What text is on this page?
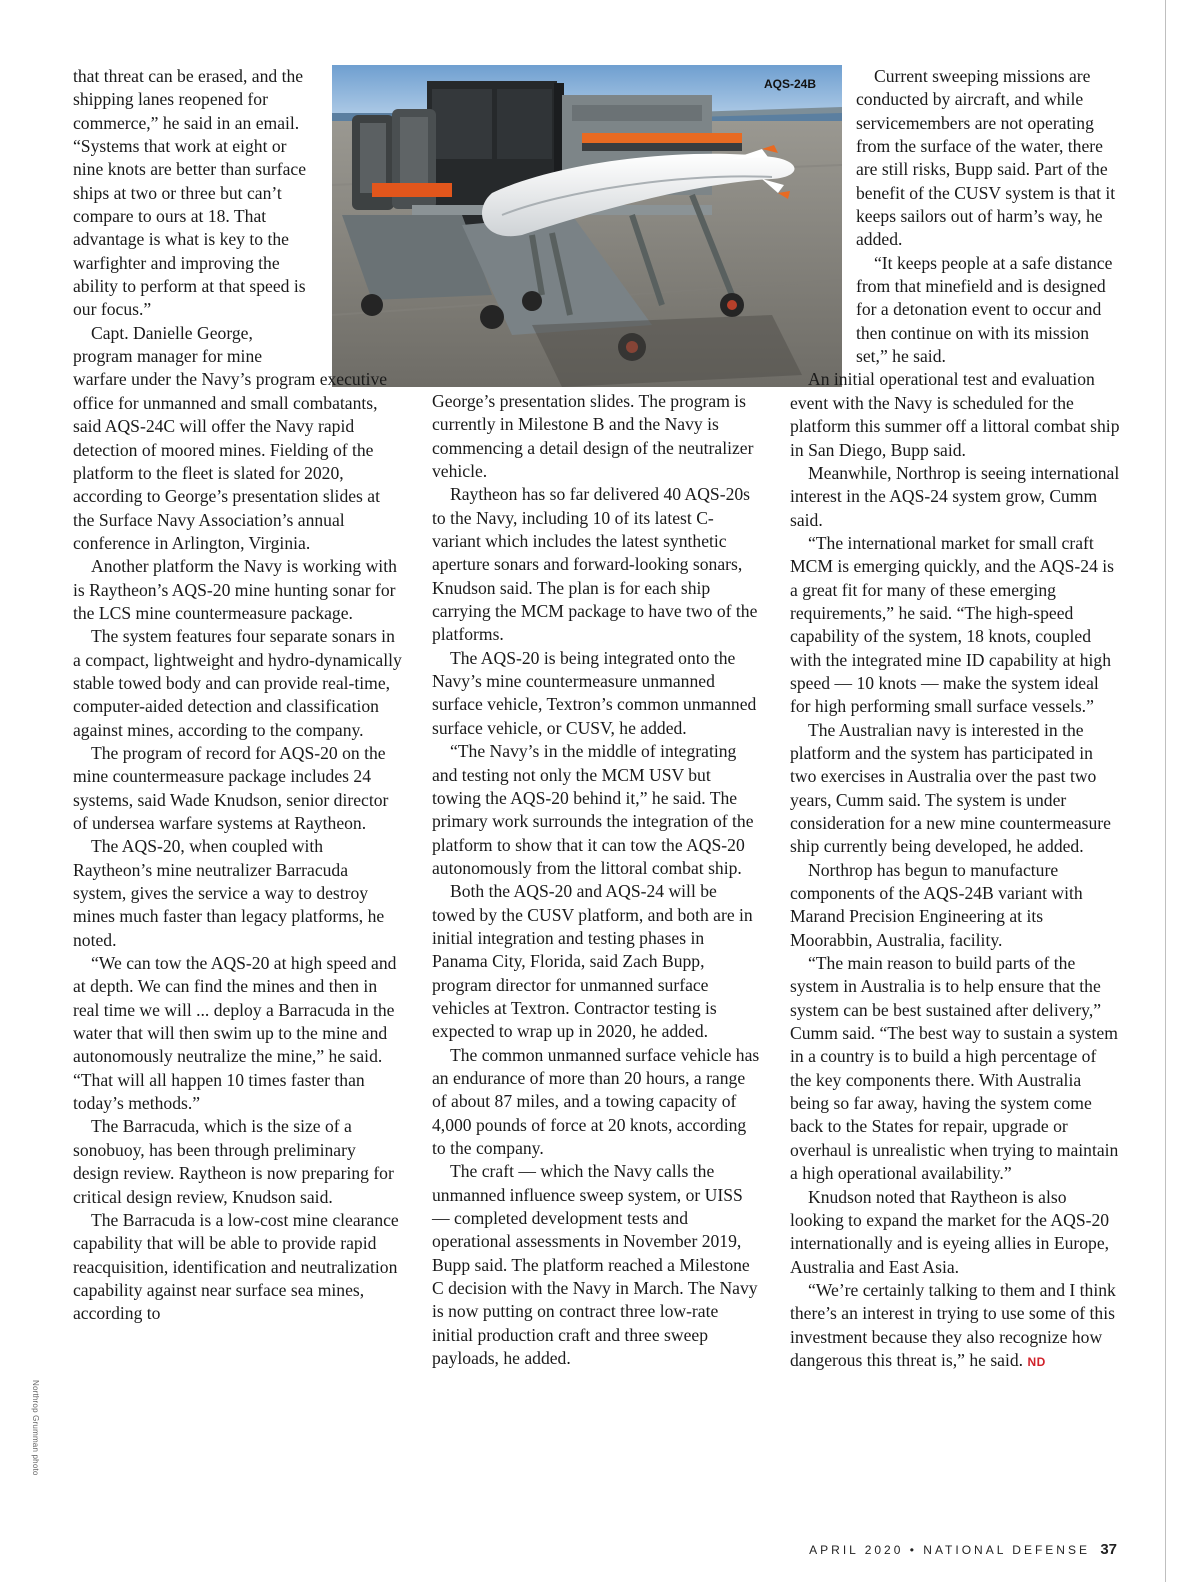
AQS-24B
Northrop Grumman photo

that threat can be erased, and the shipping lanes reopened for commerce,” he said in an email. “Systems that work at eight or nine knots are better than surface ships at two or three but can’t compare to ours at 18. That advantage is what is key to the warfighter and improving the ability to perform at that speed is our focus.”

Capt. Danielle George, program manager for mine

warfare under the Navy’s program executive office for unmanned and small combatants, said AQS-24C will offer the Navy rapid detection of moored mines. Fielding of the platform to the fleet is slated for 2020, according to George’s presentation slides at the Surface Navy Association’s annual conference in Arlington, Virginia.

Another platform the Navy is working with is Raytheon’s AQS-20 mine hunting sonar for the LCS mine countermeasure package.

The system features four separate sonars in a compact, lightweight and hydro-dynamically stable towed body and can provide real-time, computer-aided detection and classification against mines, according to the company.

The program of record for AQS-20 on the mine countermeasure package includes 24 systems, said Wade Knudson, senior director of undersea warfare systems at Raytheon.

The AQS-20, when coupled with Raytheon’s mine neutralizer Barracuda system, gives the service a way to destroy mines much faster than legacy platforms, he noted.

“We can tow the AQS-20 at high speed and at depth. We can find the mines and then in real time we will ... deploy a Barracuda in the water that will then swim up to the mine and autonomously neutralize the mine,” he said. “That will all happen 10 times faster than today’s methods.”

The Barracuda, which is the size of a sonobuoy, has been through preliminary design review. Raytheon is now preparing for critical design review, Knudson said.

The Barracuda is a low-cost mine clearance capability that will be able to provide rapid reacquisition, identification and neutralization capability against near surface sea mines, according to

George’s presentation slides. The program is currently in Milestone B and the Navy is commencing a detail design of the neutralizer vehicle.

Raytheon has so far delivered 40 AQS-20s to the Navy, including 10 of its latest C-variant which includes the latest synthetic aperture sonars and forward-looking sonars, Knudson said. The plan is for each ship carrying the MCM package to have two of the platforms.

The AQS-20 is being integrated onto the Navy’s mine countermeasure unmanned surface vehicle, Textron’s common unmanned surface vehicle, or CUSV, he added.

“The Navy’s in the middle of integrating and testing not only the MCM USV but towing the AQS-20 behind it,” he said. The primary work surrounds the integration of the platform to show that it can tow the AQS-20 autonomously from the littoral combat ship.

Both the AQS-20 and AQS-24 will be towed by the CUSV platform, and both are in initial integration and testing phases in Panama City, Florida, said Zach Bupp, program director for unmanned surface vehicles at Textron. Contractor testing is expected to wrap up in 2020, he added.

The common unmanned surface vehicle has an endurance of more than 20 hours, a range of about 87 miles, and a towing capacity of 4,000 pounds of force at 20 knots, according to the company.

The craft — which the Navy calls the unmanned influence sweep system, or UISS — completed development tests and operational assessments in November 2019, Bupp said. The platform reached a Milestone C decision with the Navy in March. The Navy is now putting on contract three low-rate initial production craft and three sweep payloads, he added.

Current sweeping missions are conducted by aircraft, and while servicemembers are not operating from the surface of the water, there are still risks, Bupp said. Part of the benefit of the CUSV system is that it keeps sailors out of harm’s way, he added.

“It keeps people at a safe distance from that minefield and is designed for a detonation event to occur and then continue on with its mission set,” he said.

An initial operational test and evaluation event with the Navy is scheduled for the platform this summer off a littoral combat ship in San Diego, Bupp said.

Meanwhile, Northrop is seeing international interest in the AQS-24 system grow, Cumm said.

“The international market for small craft MCM is emerging quickly, and the AQS-24 is a great fit for many of these emerging requirements,” he said. “The high-speed capability of the system, 18 knots, coupled with the integrated mine ID capability at high speed — 10 knots — make the system ideal for high performing small surface vessels.”

The Australian navy is interested in the platform and the system has participated in two exercises in Australia over the past two years, Cumm said. The system is under consideration for a new mine countermeasure ship currently being developed, he added.

Northrop has begun to manufacture components of the AQS-24B variant with Marand Precision Engineering at its Moorabbin, Australia, facility.

“The main reason to build parts of the system in Australia is to help ensure that the system can be best sustained after delivery,” Cumm said. “The best way to sustain a system in a country is to build a high percentage of the key components there. With Australia being so far away, having the system come back to the States for repair, upgrade or overhaul is unrealistic when trying to maintain a high operational availability.”

Knudson noted that Raytheon is also looking to expand the market for the AQS-20 internationally and is eyeing allies in Europe, Australia and East Asia.

“We’re certainly talking to them and I think there’s an interest in trying to use some of this investment because they also recognize how dangerous this threat is,” he said. ND

APRIL 2020 • NATIONAL DEFENSE 37
